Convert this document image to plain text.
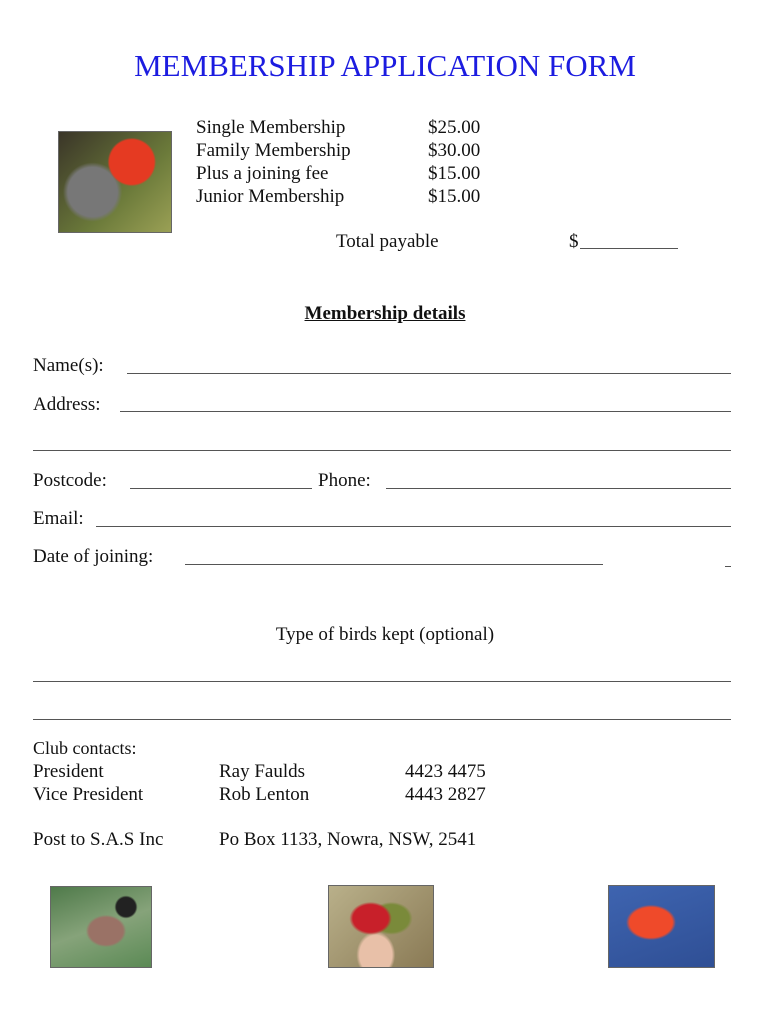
MEMBERSHIP APPLICATION FORM
Single Membership	$25.00
Family Membership	$30.00
Plus a joining fee	$15.00
Junior Membership	$15.00
Total payable	$
Membership details
Name(s):
Address:
Postcode:	Phone:
Email:
Date of joining:
Type of birds kept (optional)
Club contacts:
President	Ray Faulds	4423 4475
Vice President	Rob Lenton	4443 2827
Post to S.A.S Inc	Po Box 1133, Nowra, NSW, 2541
